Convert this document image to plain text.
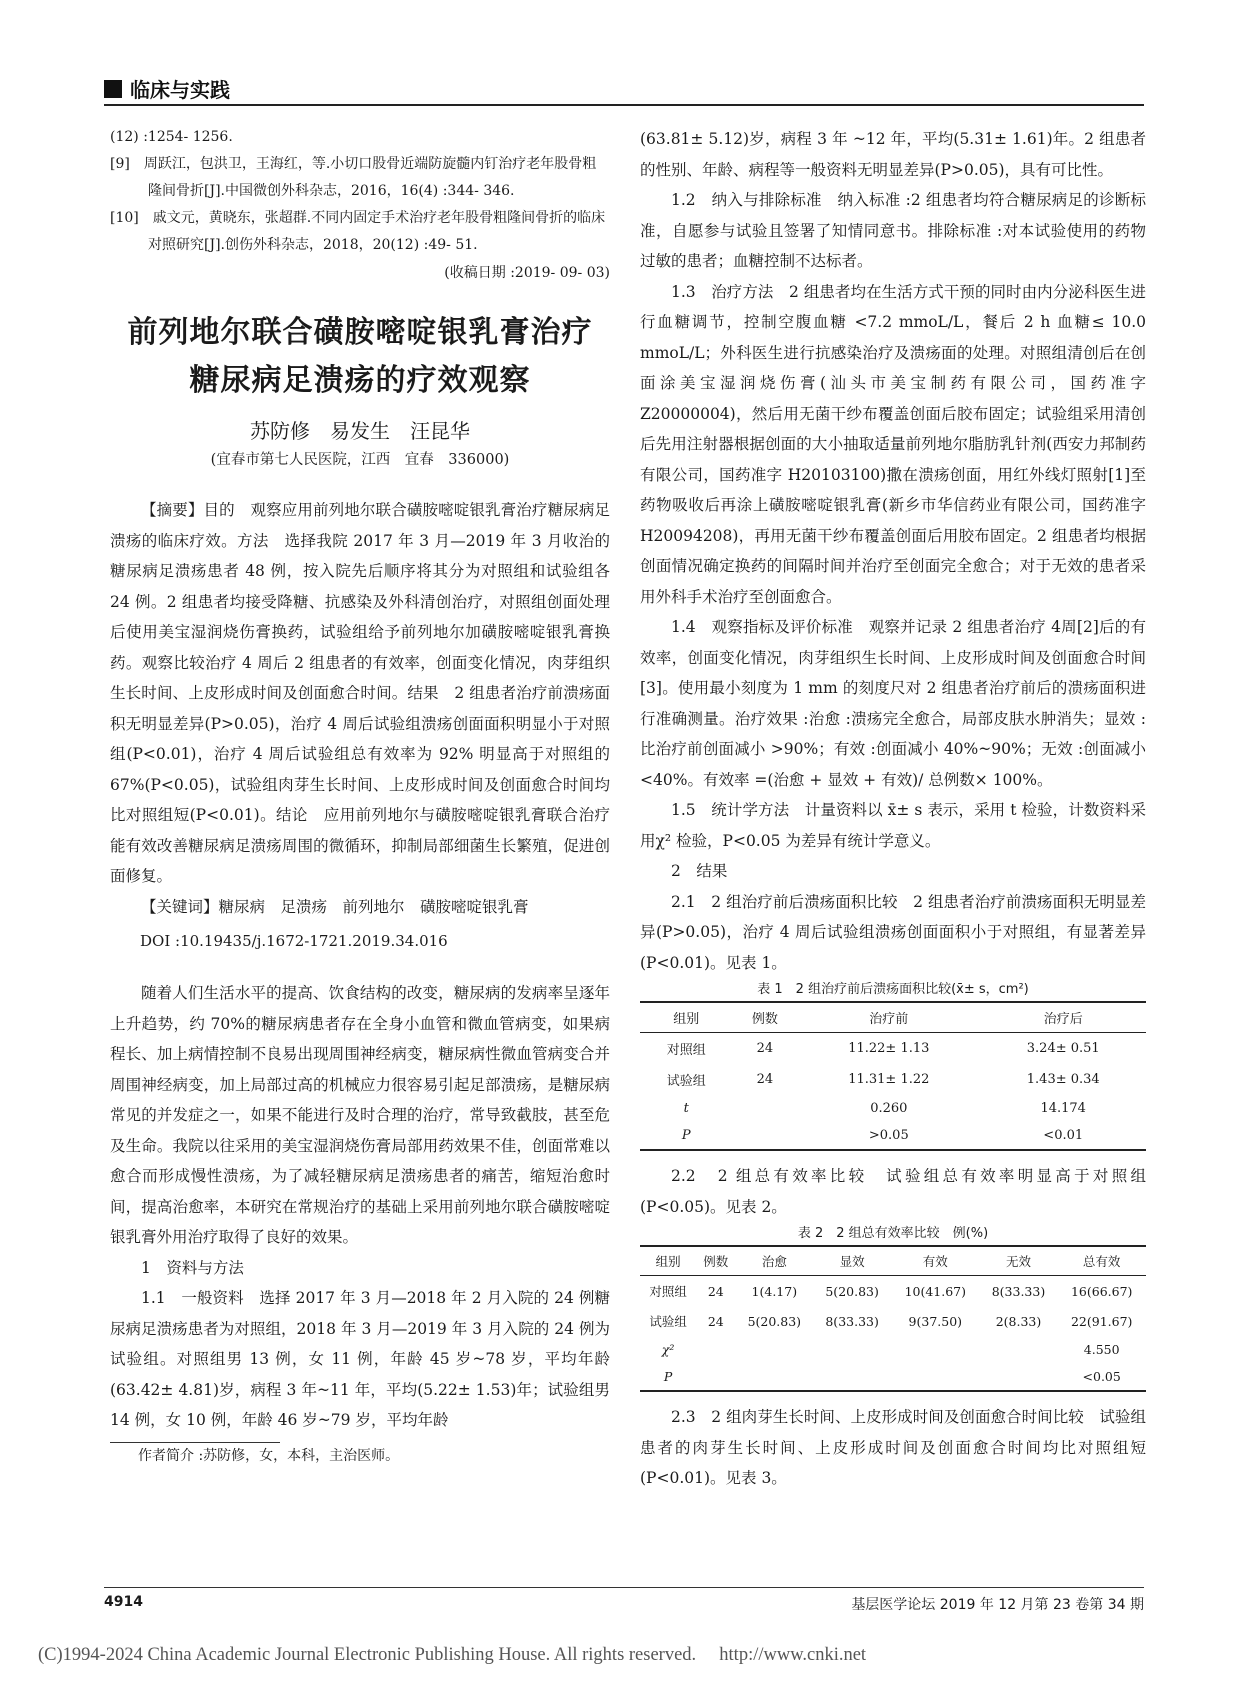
临床与实践

(12) :1254- 1256.

[9]　周跃江，包洪卫，王海红，等.小切口股骨近端防旋髓内钉治疗老年股骨粗隆间骨折[J].中国微创外科杂志，2016，16(4) :344- 346.

[10]　戚文元，黄晓东，张超群.不同内固定手术治疗老年股骨粗隆间骨折的临床对照研究[J].创伤外科杂志，2018，20(12) :49- 51.

(收稿日期 :2019- 09- 03)

前列地尔联合磺胺嘧啶银乳膏治疗
糖尿病足溃疡的疗效观察

苏防修　易发生　汪昆华

(宜春市第七人民医院，江西　宜春　336000)

【摘要】目的　观察应用前列地尔联合磺胺嘧啶银乳膏治疗糖尿病足溃疡的临床疗效。方法　选择我院 2017 年 3 月—2019 年 3 月收治的糖尿病足溃疡患者 48 例，按入院先后顺序将其分为对照组和试验组各 24 例。2 组患者均接受降糖、抗感染及外科清创治疗，对照组创面处理后使用美宝湿润烧伤膏换药，试验组给予前列地尔加磺胺嘧啶银乳膏换药。观察比较治疗 4 周后 2 组患者的有效率，创面变化情况，肉芽组织生长时间、上皮形成时间及创面愈合时间。结果　2 组患者治疗前溃疡面积无明显差异(P>0.05)，治疗 4 周后试验组溃疡创面面积明显小于对照组(P<0.01)，治疗 4 周后试验组总有效率为 92% 明显高于对照组的 67%(P<0.05)，试验组肉芽生长时间、上皮形成时间及创面愈合时间均比对照组短(P<0.01)。结论　应用前列地尔与磺胺嘧啶银乳膏联合治疗能有效改善糖尿病足溃疡周围的微循环，抑制局部细菌生长繁殖，促进创面修复。

【关键词】糖尿病　足溃疡　前列地尔　磺胺嘧啶银乳膏

DOI :10.19435/j.1672-1721.2019.34.016

随着人们生活水平的提高、饮食结构的改变，糖尿病的发病率呈逐年上升趋势，约 70%的糖尿病患者存在全身小血管和微血管病变，如果病程长、加上病情控制不良易出现周围神经病变，糖尿病性微血管病变合并周围神经病变，加上局部过高的机械应力很容易引起足部溃疡，是糖尿病常见的并发症之一，如果不能进行及时合理的治疗，常导致截肢，甚至危及生命。我院以往采用的美宝湿润烧伤膏局部用药效果不佳，创面常难以愈合而形成慢性溃疡，为了减轻糖尿病足溃疡患者的痛苦，缩短治愈时间，提高治愈率，本研究在常规治疗的基础上采用前列地尔联合磺胺嘧啶银乳膏外用治疗取得了良好的效果。

1　资料与方法

1.1　一般资料　选择 2017 年 3 月—2018 年 2 月入院的 24 例糖尿病足溃疡患者为对照组，2018 年 3 月—2019 年 3 月入院的 24 例为试验组。对照组男 13 例，女 11 例，年龄 45 岁~78 岁，平均年龄(63.42± 4.81)岁，病程 3 年~11 年，平均(5.22± 1.53)年；试验组男 14 例，女 10 例，年龄 46 岁~79 岁，平均年龄

作者简介 :苏防修，女，本科，主治医师。

(63.81± 5.12)岁，病程 3 年 ~12 年，平均(5.31± 1.61)年。2 组患者的性别、年龄、病程等一般资料无明显差异(P>0.05)，具有可比性。

1.2　纳入与排除标准　纳入标准 :2 组患者均符合糖尿病足的诊断标准，自愿参与试验且签署了知情同意书。排除标准 :对本试验使用的药物过敏的患者；血糖控制不达标者。

1.3　治疗方法　2 组患者均在生活方式干预的同时由内分泌科医生进行血糖调节，控制空腹血糖 <7.2 mmoL/L，餐后 2 h 血糖≤ 10.0 mmoL/L；外科医生进行抗感染治疗及溃疡面的处理。对照组清创后在创面涂美宝湿润烧伤膏(汕头市美宝制药有限公司，国药准字 Z20000004)，然后用无菌干纱布覆盖创面后胶布固定；试验组采用清创后先用注射器根据创面的大小抽取适量前列地尔脂肪乳针剂(西安力邦制药有限公司，国药准字 H20103100)撒在溃疡创面，用红外线灯照射[1]至药物吸收后再涂上磺胺嘧啶银乳膏(新乡市华信药业有限公司，国药准字 H20094208)，再用无菌干纱布覆盖创面后用胶布固定。2 组患者均根据创面情况确定换药的间隔时间并治疗至创面完全愈合；对于无效的患者采用外科手术治疗至创面愈合。

1.4　观察指标及评价标准　观察并记录 2 组患者治疗 4周[2]后的有效率，创面变化情况，肉芽组织生长时间、上皮形成时间及创面愈合时间[3]。使用最小刻度为 1 mm 的刻度尺对 2 组患者治疗前后的溃疡面积进行准确测量。治疗效果 :治愈 :溃疡完全愈合，局部皮肤水肿消失；显效 :比治疗前创面减小 >90%；有效 :创面减小 40%~90%；无效 :创面减小 <40%。有效率 =(治愈 + 显效 + 有效)/ 总例数× 100%。

1.5　统计学方法　计量资料以 x̄± s 表示，采用 t 检验，计数资料采用χ² 检验，P<0.05 为差异有统计学意义。

2　结果

2.1　2 组治疗前后溃疡面积比较　2 组患者治疗前溃疡面积无明显差异(P>0.05)，治疗 4 周后试验组溃疡创面面积小于对照组，有显著差异(P<0.01)。见表 1。

表 1　2 组治疗前后溃疡面积比较(x̄± s，cm²)

组别	例数	治疗前	治疗后
对照组	24	11.22± 1.13	3.24± 0.51
试验组	24	11.31± 1.22	1.43± 0.34
t		0.260	14.174
P		>0.05	<0.01

2.2　2 组总有效率比较　试验组总有效率明显高于对照组(P<0.05)。见表 2。

表 2　2 组总有效率比较　例(%)

组别	例数	治愈	显效	有效	无效	总有效
对照组	24	1(4.17)	5(20.83)	10(41.67)	8(33.33)	16(66.67)
试验组	24	5(20.83)	8(33.33)	9(37.50)	2(8.33)	22(91.67)
χ²						4.550
P						<0.05

2.3　2 组肉芽生长时间、上皮形成时间及创面愈合时间比较　试验组患者的肉芽生长时间、上皮形成时间及创面愈合时间均比对照组短(P<0.01)。见表 3。

4914	基层医学论坛 2019 年 12 月第 23 卷第 34 期
(C)1994-2024 China Academic Journal Electronic Publishing House. All rights reserved.　 http://www.cnki.net
